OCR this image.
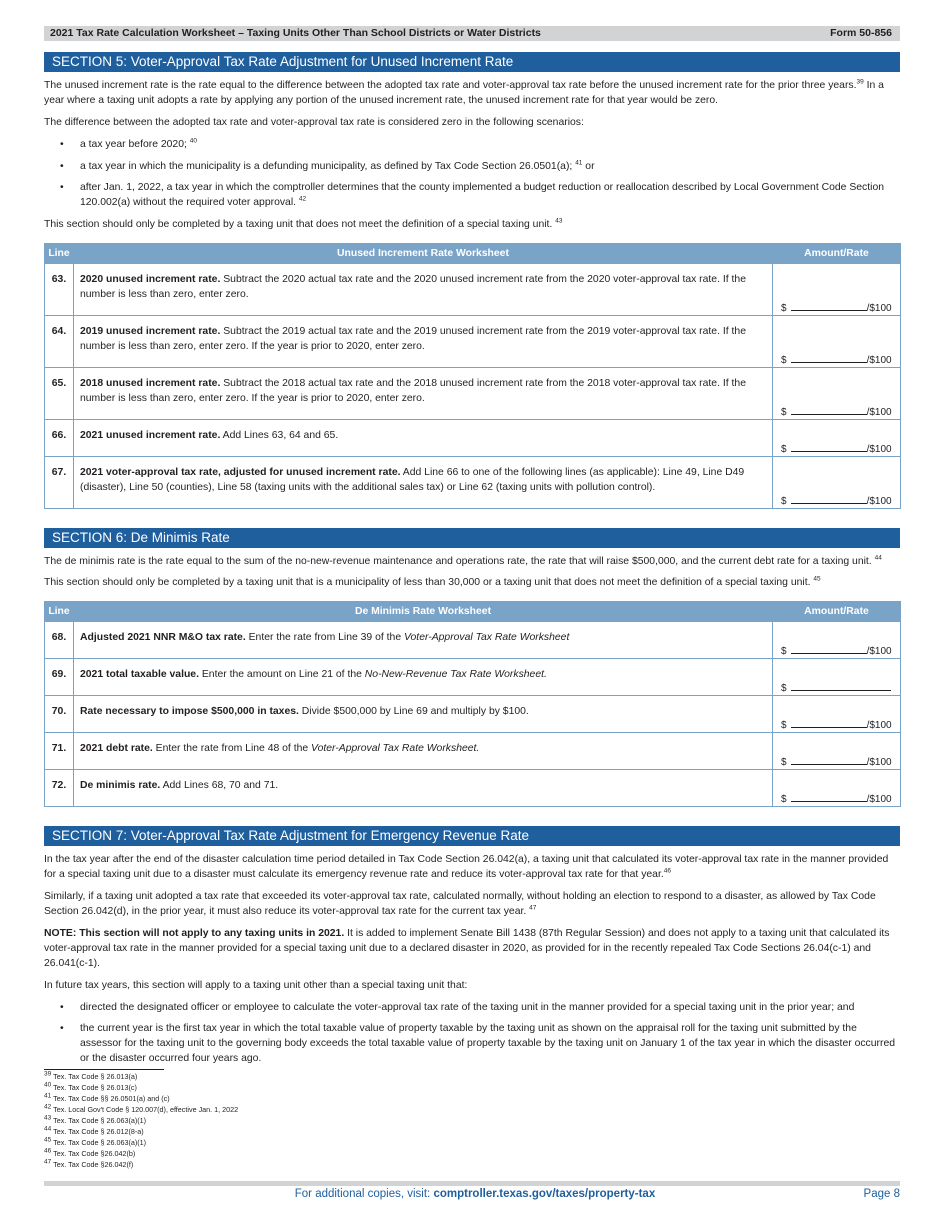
2021 Tax Rate Calculation Worksheet – Taxing Units Other Than School Districts or Water Districts	Form 50-856
SECTION 5: Voter-Approval Tax Rate Adjustment for Unused Increment Rate
The unused increment rate is the rate equal to the difference between the adopted tax rate and voter-approval tax rate before the unused increment rate for the prior three years.$^{39}$ In a year where a taxing unit adopts a rate by applying any portion of the unused increment rate, the unused increment rate for that year would be zero.
The difference between the adopted tax rate and voter-approval tax rate is considered zero in the following scenarios:
• a tax year before 2020; $^{40}$
• a tax year in which the municipality is a defunding municipality, as defined by Tax Code Section 26.0501(a); $^{41}$ or
• after Jan. 1, 2022, a tax year in which the comptroller determines that the county implemented a budget reduction or reallocation described by Local Government Code Section 120.002(a) without the required voter approval. $^{42}$
This section should only be completed by a taxing unit that does not meet the definition of a special taxing unit. $^{43}$
Line	Unused Increment Rate Worksheet	Amount/Rate
63.	2020 unused increment rate. Subtract the 2020 actual tax rate and the 2020 unused increment rate from the 2020 voter-approval tax rate. If the number is less than zero, enter zero.	$ /$100

64.	2019 unused increment rate. Subtract the 2019 actual tax rate and the 2019 unused increment rate from the 2019 voter-approval tax rate. If the number is less than zero, enter zero. If the year is prior to 2020, enter zero.	$ /$100

65.	2018 unused increment rate. Subtract the 2018 actual tax rate and the 2018 unused increment rate from the 2018 voter-approval tax rate. If the number is less than zero, enter zero. If the year is prior to 2020, enter zero.	$ /$100

66.	2021 unused increment rate. Add Lines 63, 64 and 65.	$ /$100

67.	2021 voter-approval tax rate, adjusted for unused increment rate. Add Line 66 to one of the following lines (as applicable): Line 49, Line D49 (disaster), Line 50 (counties), Line 58 (taxing units with the additional sales tax) or Line 62 (taxing units with pollution control).	$ /$100
SECTION 6: De Minimis Rate
The de minimis rate is the rate equal to the sum of the no-new-revenue maintenance and operations rate, the rate that will raise $500,000, and the current debt rate for a taxing unit. $^{44}$
This section should only be completed by a taxing unit that is a municipality of less than 30,000 or a taxing unit that does not meet the definition of a special taxing unit. $^{45}$
Line	De Minimis Rate Worksheet	Amount/Rate
68.	Adjusted 2021 NNR M&O tax rate. Enter the rate from Line 39 of the Voter-Approval Tax Rate Worksheet	$ /$100

69.	2021 total taxable value. Enter the amount on Line 21 of the No-New-Revenue Tax Rate Worksheet.	$

70.	Rate necessary to impose $500,000 in taxes. Divide $500,000 by Line 69 and multiply by $100.	$ /$100

71.	2021 debt rate. Enter the rate from Line 48 of the Voter-Approval Tax Rate Worksheet.	$ /$100

72.	De minimis rate. Add Lines 68, 70 and 71.	$ /$100
SECTION 7: Voter-Approval Tax Rate Adjustment for Emergency Revenue Rate
In the tax year after the end of the disaster calculation time period detailed in Tax Code Section 26.042(a), a taxing unit that calculated its voter-approval tax rate in the manner provided for a special taxing unit due to a disaster must calculate its emergency revenue rate and reduce its voter-approval tax rate for that year.$^{46}$
Similarly, if a taxing unit adopted a tax rate that exceeded its voter-approval tax rate, calculated normally, without holding an election to respond to a disaster, as allowed by Tax Code Section 26.042(d), in the prior year, it must also reduce its voter-approval tax rate for the current tax year. $^{47}$
NOTE: This section will not apply to any taxing units in 2021. It is added to implement Senate Bill 1438 (87th Regular Session) and does not apply to a taxing unit that calculated its voter-approval tax rate in the manner provided for a special taxing unit due to a declared disaster in 2020, as provided for in the recently repealed Tax Code Sections 26.04(c-1) and 26.041(c-1).
In future tax years, this section will apply to a taxing unit other than a special taxing unit that:
• directed the designated officer or employee to calculate the voter-approval tax rate of the taxing unit in the manner provided for a special taxing unit in the prior year; and
• the current year is the first tax year in which the total taxable value of property taxable by the taxing unit as shown on the appraisal roll for the taxing unit submitted by the assessor for the taxing unit to the governing body exceeds the total taxable value of property taxable by the taxing unit on January 1 of the tax year in which the disaster occurred or the disaster occurred four years ago.
$^{39}$ Tex. Tax Code § 26.013(a)
$^{40}$ Tex. Tax Code § 26.013(c)
$^{41}$ Tex. Tax Code §§ 26.0501(a) and (c)
$^{42}$ Tex. Local Gov't Code § 120.007(d), effective Jan. 1, 2022
$^{43}$ Tex. Tax Code § 26.063(a)(1)
$^{44}$ Tex. Tax Code § 26.012(8-a)
$^{45}$ Tex. Tax Code § 26.063(a)(1)
$^{46}$ Tex. Tax Code §26.042(b)
$^{47}$ Tex. Tax Code §26.042(f)
For additional copies, visit: comptroller.texas.gov/taxes/property-tax	Page 8
